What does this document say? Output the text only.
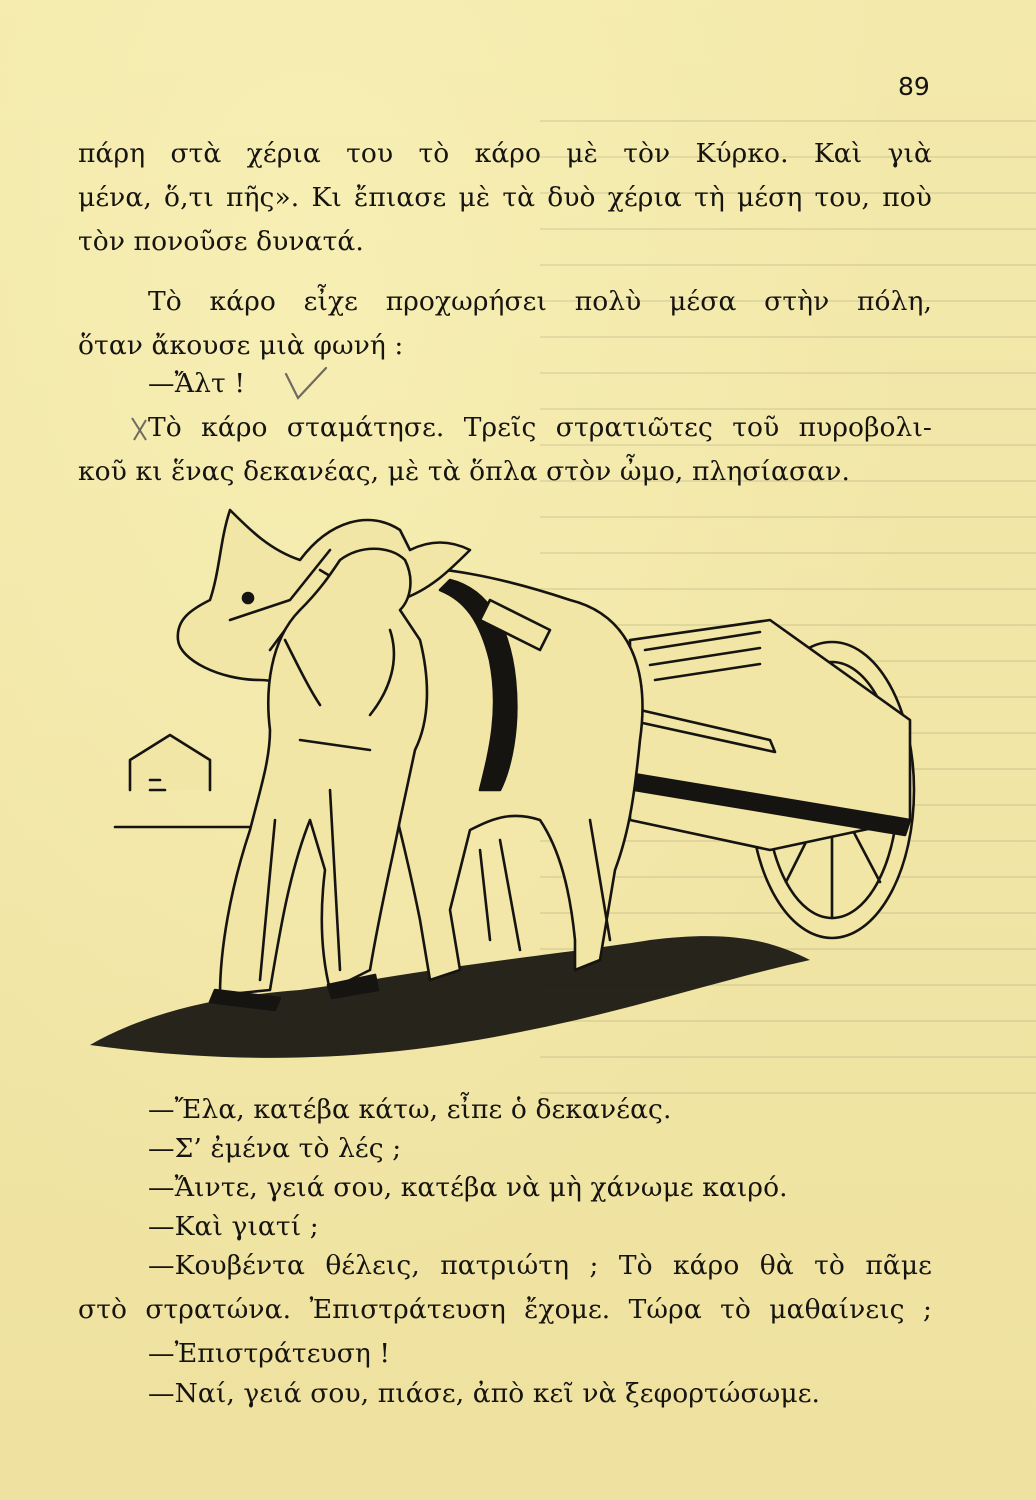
89
πάρη στὰ χέρια του τὸ κάρο μὲ τὸν Κύρκο. Καὶ γιὰ
μένα, ὅ,τι πῆς». Κι ἔπιασε μὲ τὰ δυὸ χέρια τὴ μέση του, ποὺ
τὸν πονοῦσε δυνατά.
Τὸ κάρο εἶχε προχωρήσει πολὺ μέσα στὴν πόλη,
ὅταν ἄκουσε μιὰ φωνή :
—Ἄλτ !
Τὸ κάρο σταμάτησε. Τρεῖς στρατιῶτες τοῦ πυροβολι-
κοῦ κι ἕνας δεκανέας, μὲ τὰ ὅπλα στὸν ὦμο, πλησίασαν.
—Ἔλα, κατέβα κάτω, εἶπε ὁ δεκανέας.
—Σ’ ἐμένα τὸ λές ;
—Ἄιντε, γειά σου, κατέβα νὰ μὴ χάνωμε καιρό.
—Καὶ γιατί ;
—Κουβέντα θέλεις, πατριώτη ; Τὸ κάρο θὰ τὸ πᾶμε
στὸ στρατώνα. Ἐπιστράτευση ἔχομε. Τώρα τὸ μαθαίνεις ;
—Ἐπιστράτευση !
—Ναί, γειά σου, πιάσε, ἀπὸ κεῖ νὰ ξεφορτώσωμε.
